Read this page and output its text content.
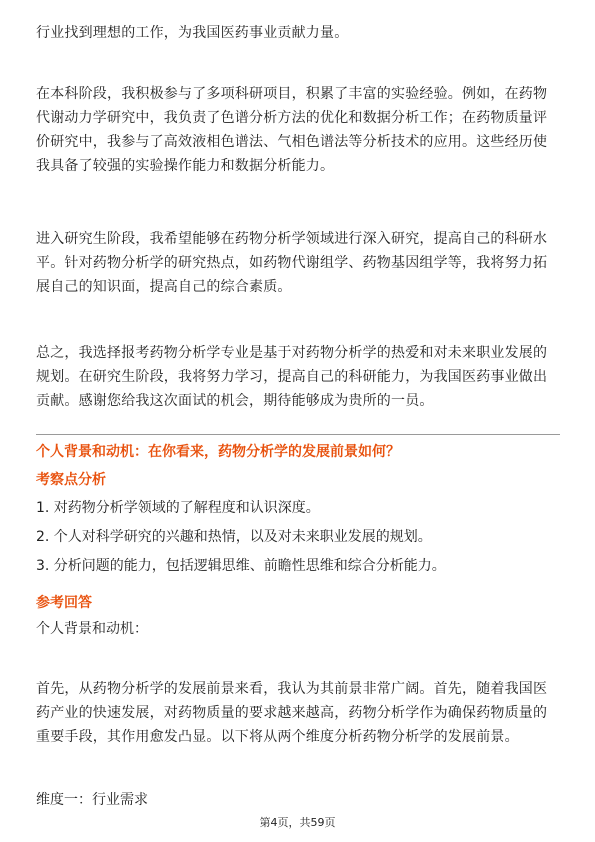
行业找到理想的工作，为我国医药事业贡献力量。

在本科阶段，我积极参与了多项科研项目，积累了丰富的实验经验。例如，在药物
代谢动力学研究中，我负责了色谱分析方法的优化和数据分析工作；在药物质量评
价研究中，我参与了高效液相色谱法、气相色谱法等分析技术的应用。这些经历使
我具备了较强的实验操作能力和数据分析能力。

进入研究生阶段，我希望能够在药物分析学领域进行深入研究，提高自己的科研水
平。针对药物分析学的研究热点，如药物代谢组学、药物基因组学等，我将努力拓
展自己的知识面，提高自己的综合素质。

总之，我选择报考药物分析学专业是基于对药物分析学的热爱和对未来职业发展的
规划。在研究生阶段，我将努力学习，提高自己的科研能力，为我国医药事业做出
贡献。感谢您给我这次面试的机会，期待能够成为贵所的一员。

个人背景和动机：在你看来，药物分析学的发展前景如何？
考察点分析
1. 对药物分析学领域的了解程度和认识深度。
2. 个人对科学研究的兴趣和热情，以及对未来职业发展的规划。
3. 分析问题的能力，包括逻辑思维、前瞻性思维和综合分析能力。
参考回答
个人背景和动机：

首先，从药物分析学的发展前景来看，我认为其前景非常广阔。首先，随着我国医
药产业的快速发展，对药物质量的要求越来越高，药物分析学作为确保药物质量的
重要手段，其作用愈发凸显。以下将从两个维度分析药物分析学的发展前景。

维度一：行业需求
第4页，共59页
